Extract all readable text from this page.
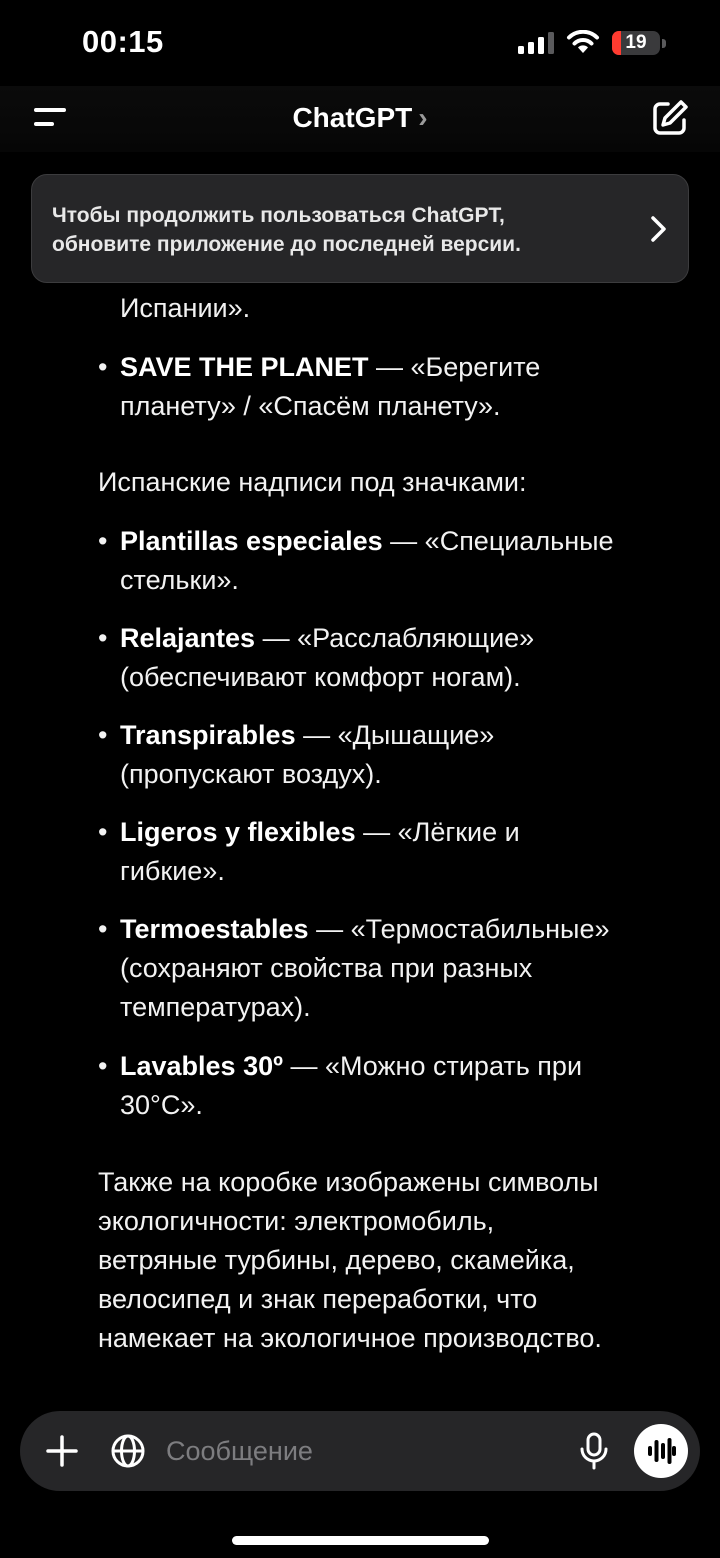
00:15	19
ChatGPT ›
Чтобы продолжить пользоваться ChatGPT,
обновите приложение до последней версии.
Испании».
• SAVE THE PLANET — «Берегите
планету» / «Спасём планету».
Испанские надписи под значками:
• Plantillas especiales — «Специальные
стельки».
• Relajantes — «Расслабляющие»
(обеспечивают комфорт ногам).
• Transpirables — «Дышащие»
(пропускают воздух).
• Ligeros y flexibles — «Лёгкие и
гибкие».
• Termoestables — «Термостабильные»
(сохраняют свойства при разных
температурах).
• Lavables 30º — «Можно стирать при
30°C».
Также на коробке изображены символы
экологичности: электромобиль,
ветряные турбины, дерево, скамейка,
велосипед и знак переработки, что
намекает на экологичное производство.
Сообщение
